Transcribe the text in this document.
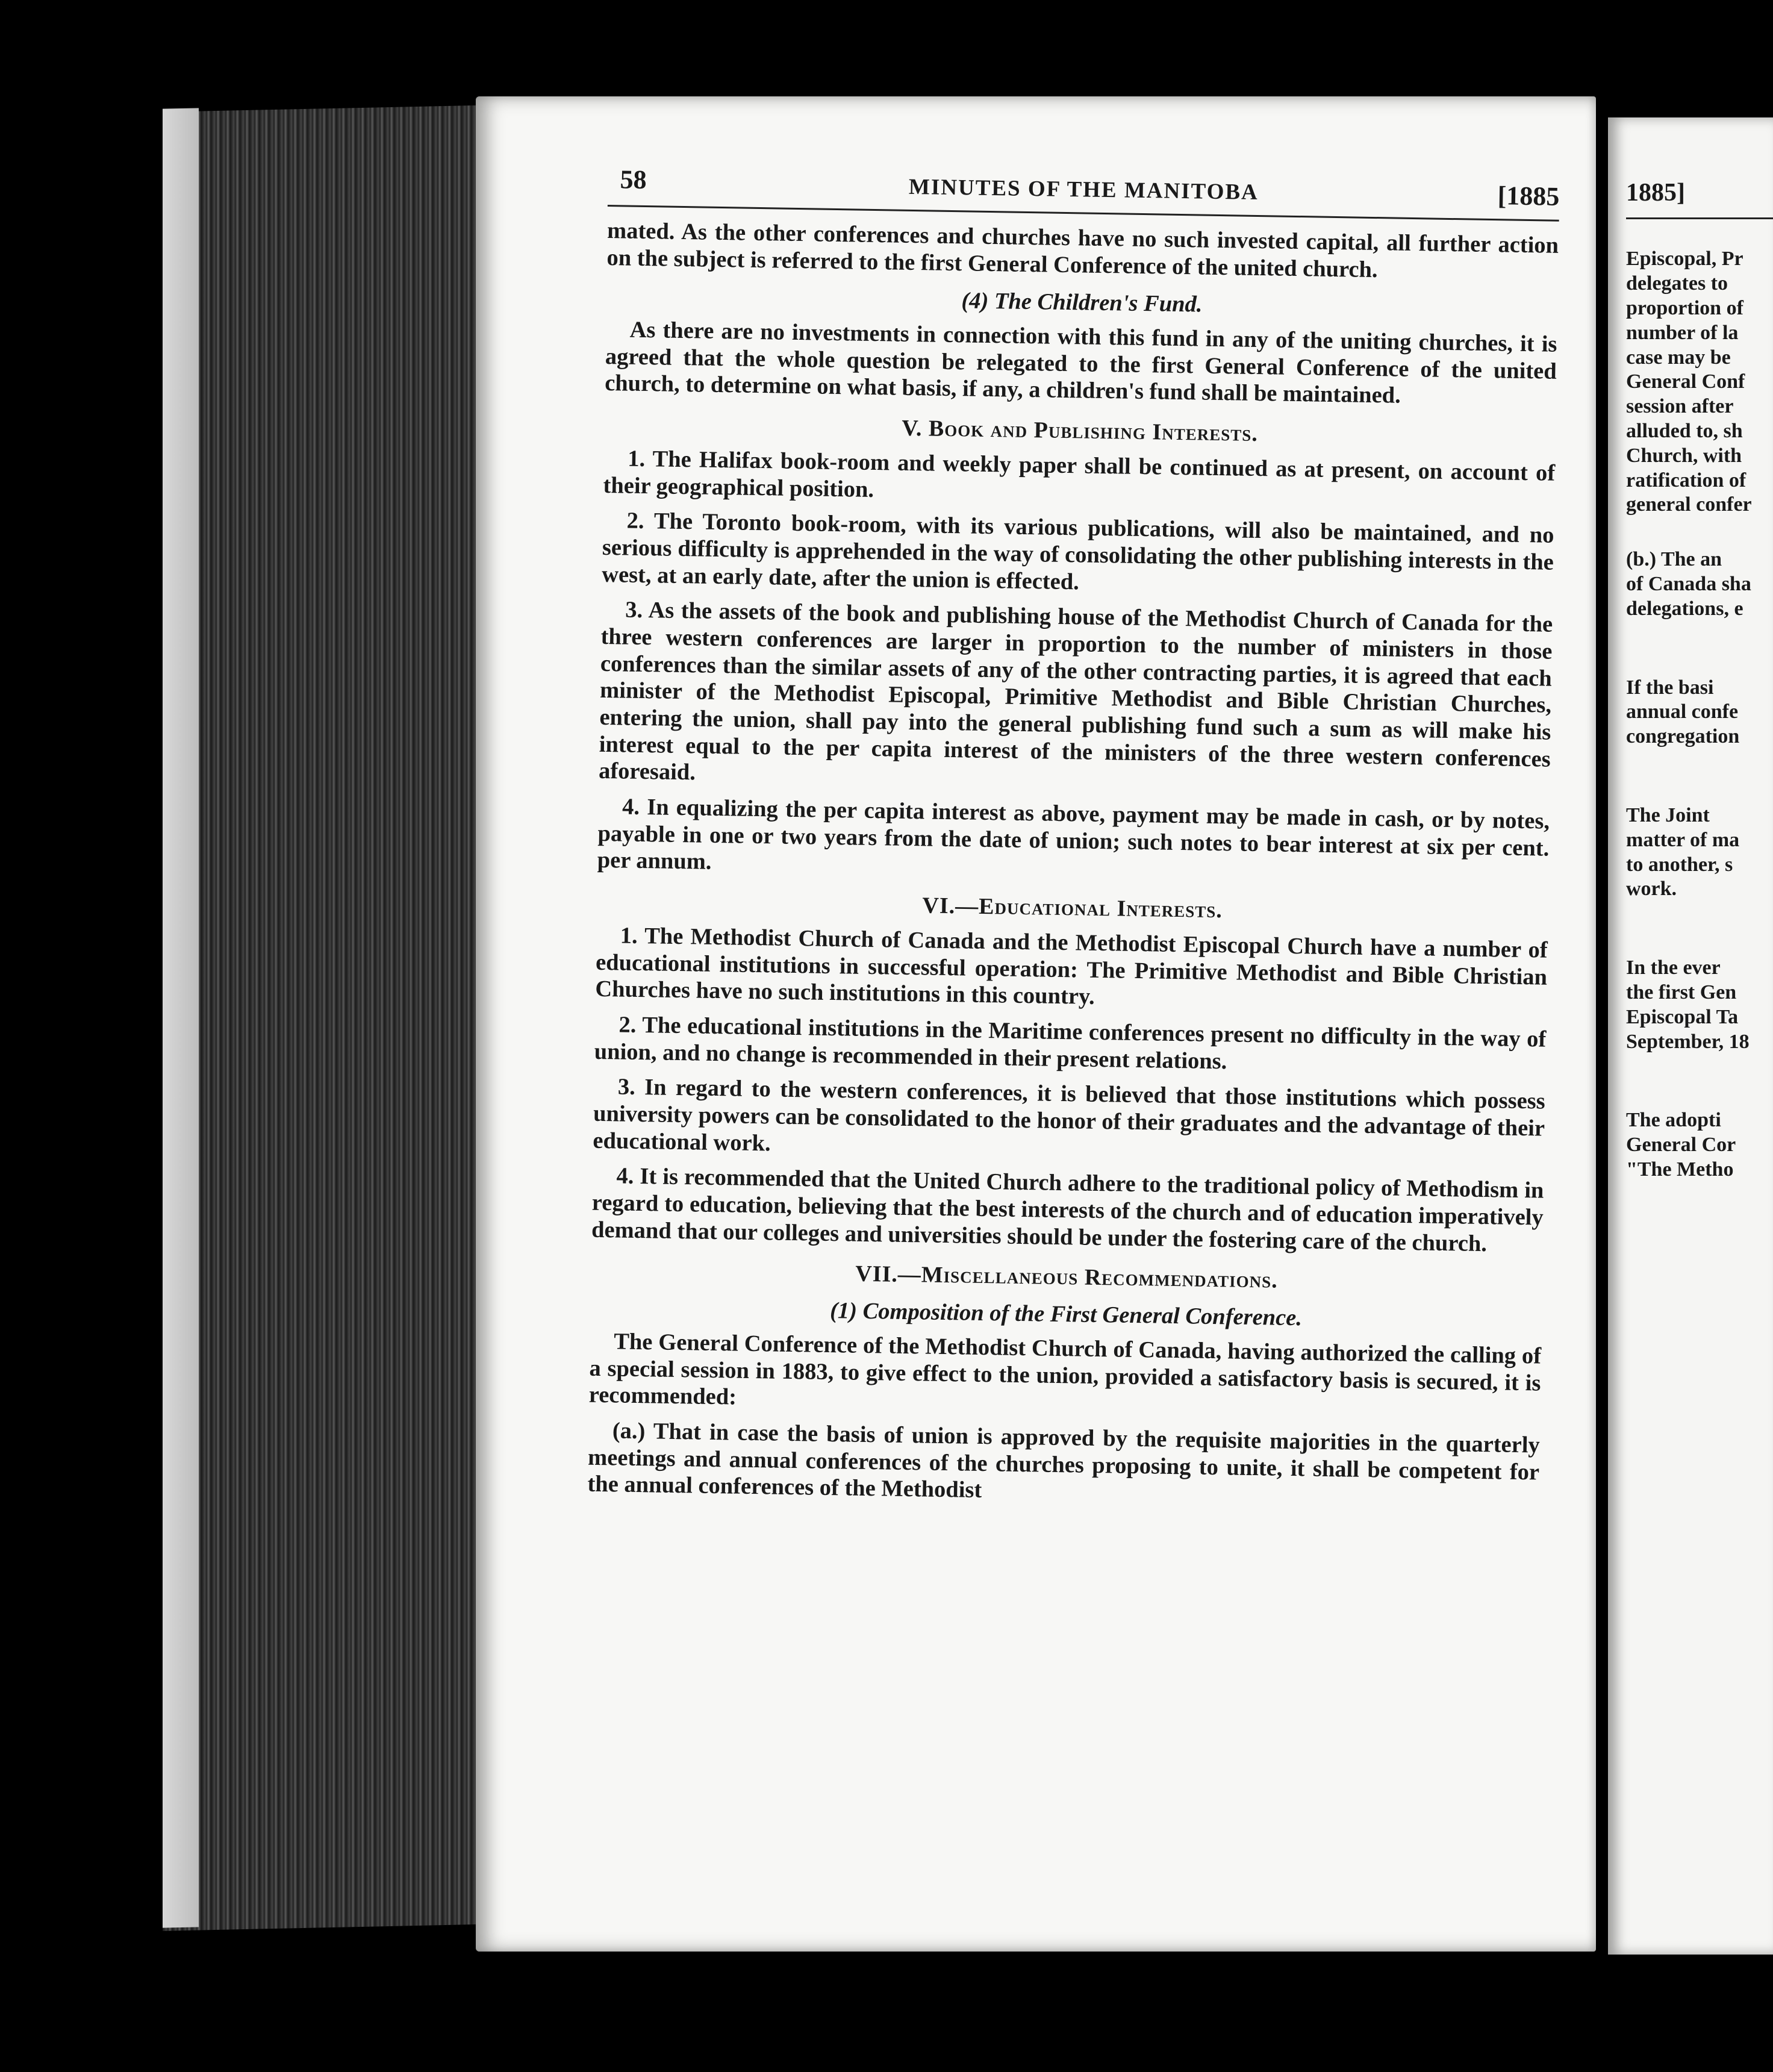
58	MINUTES OF THE MANITOBA	[1885

mated. As the other conferences and churches have no such invested capital, all further action on the subject is referred to the first General Conference of the united church.

(4) The Children's Fund.

As there are no investments in connection with this fund in any of the uniting churches, it is agreed that the whole question be relegated to the first General Conference of the united church, to determine on what basis, if any, a children's fund shall be maintained.

V. Book and Publishing Interests.

1. The Halifax book-room and weekly paper shall be continued as at present, on account of their geographical position.

2. The Toronto book-room, with its various publications, will also be maintained, and no serious difficulty is apprehended in the way of consolidating the other publishing interests in the west, at an early date, after the union is effected.

3. As the assets of the book and publishing house of the Methodist Church of Canada for the three western conferences are larger in proportion to the number of ministers in those conferences than the similar assets of any of the other contracting parties, it is agreed that each minister of the Methodist Episcopal, Primitive Methodist and Bible Christian Churches, entering the union, shall pay into the general publishing fund such a sum as will make his interest equal to the per capita interest of the ministers of the three western conferences aforesaid.

4. In equalizing the per capita interest as above, payment may be made in cash, or by notes, payable in one or two years from the date of union; such notes to bear interest at six per cent. per annum.

VI.—Educational Interests.

1. The Methodist Church of Canada and the Methodist Episcopal Church have a number of educational institutions in successful operation: The Primitive Methodist and Bible Christian Churches have no such institutions in this country.

2. The educational institutions in the Maritime conferences present no difficulty in the way of union, and no change is recommended in their present relations.

3. In regard to the western conferences, it is believed that those institutions which possess university powers can be consolidated to the honor of their graduates and the advantage of their educational work.

4. It is recommended that the United Church adhere to the traditional policy of Methodism in regard to education, believing that the best interests of the church and of education imperatively demand that our colleges and universities should be under the fostering care of the church.

VII.—Miscellaneous Recommendations.
(1) Composition of the First General Conference.

The General Conference of the Methodist Church of Canada, having authorized the calling of a special session in 1883, to give effect to the union, provided a satisfactory basis is secured, it is recommended:

(a.) That in case the basis of union is approved by the requisite majorities in the quarterly meetings and annual conferences of the churches proposing to unite, it shall be competent for the annual conferences of the Methodist

1885]
Episcopal, Pr
delegates to
proportion of
number of la
case may be
General Conf
session after
alluded to, sh
Church, with
ratification of
general confer
(b.) The an
of Canada sha
delegations, e
If the basi
annual confe
congregation
The Joint
matter of ma
to another, s
work.
In the ever
the first Gen
Episcopal Ta
September, 18
The adopti
General Cor
"The Metho
